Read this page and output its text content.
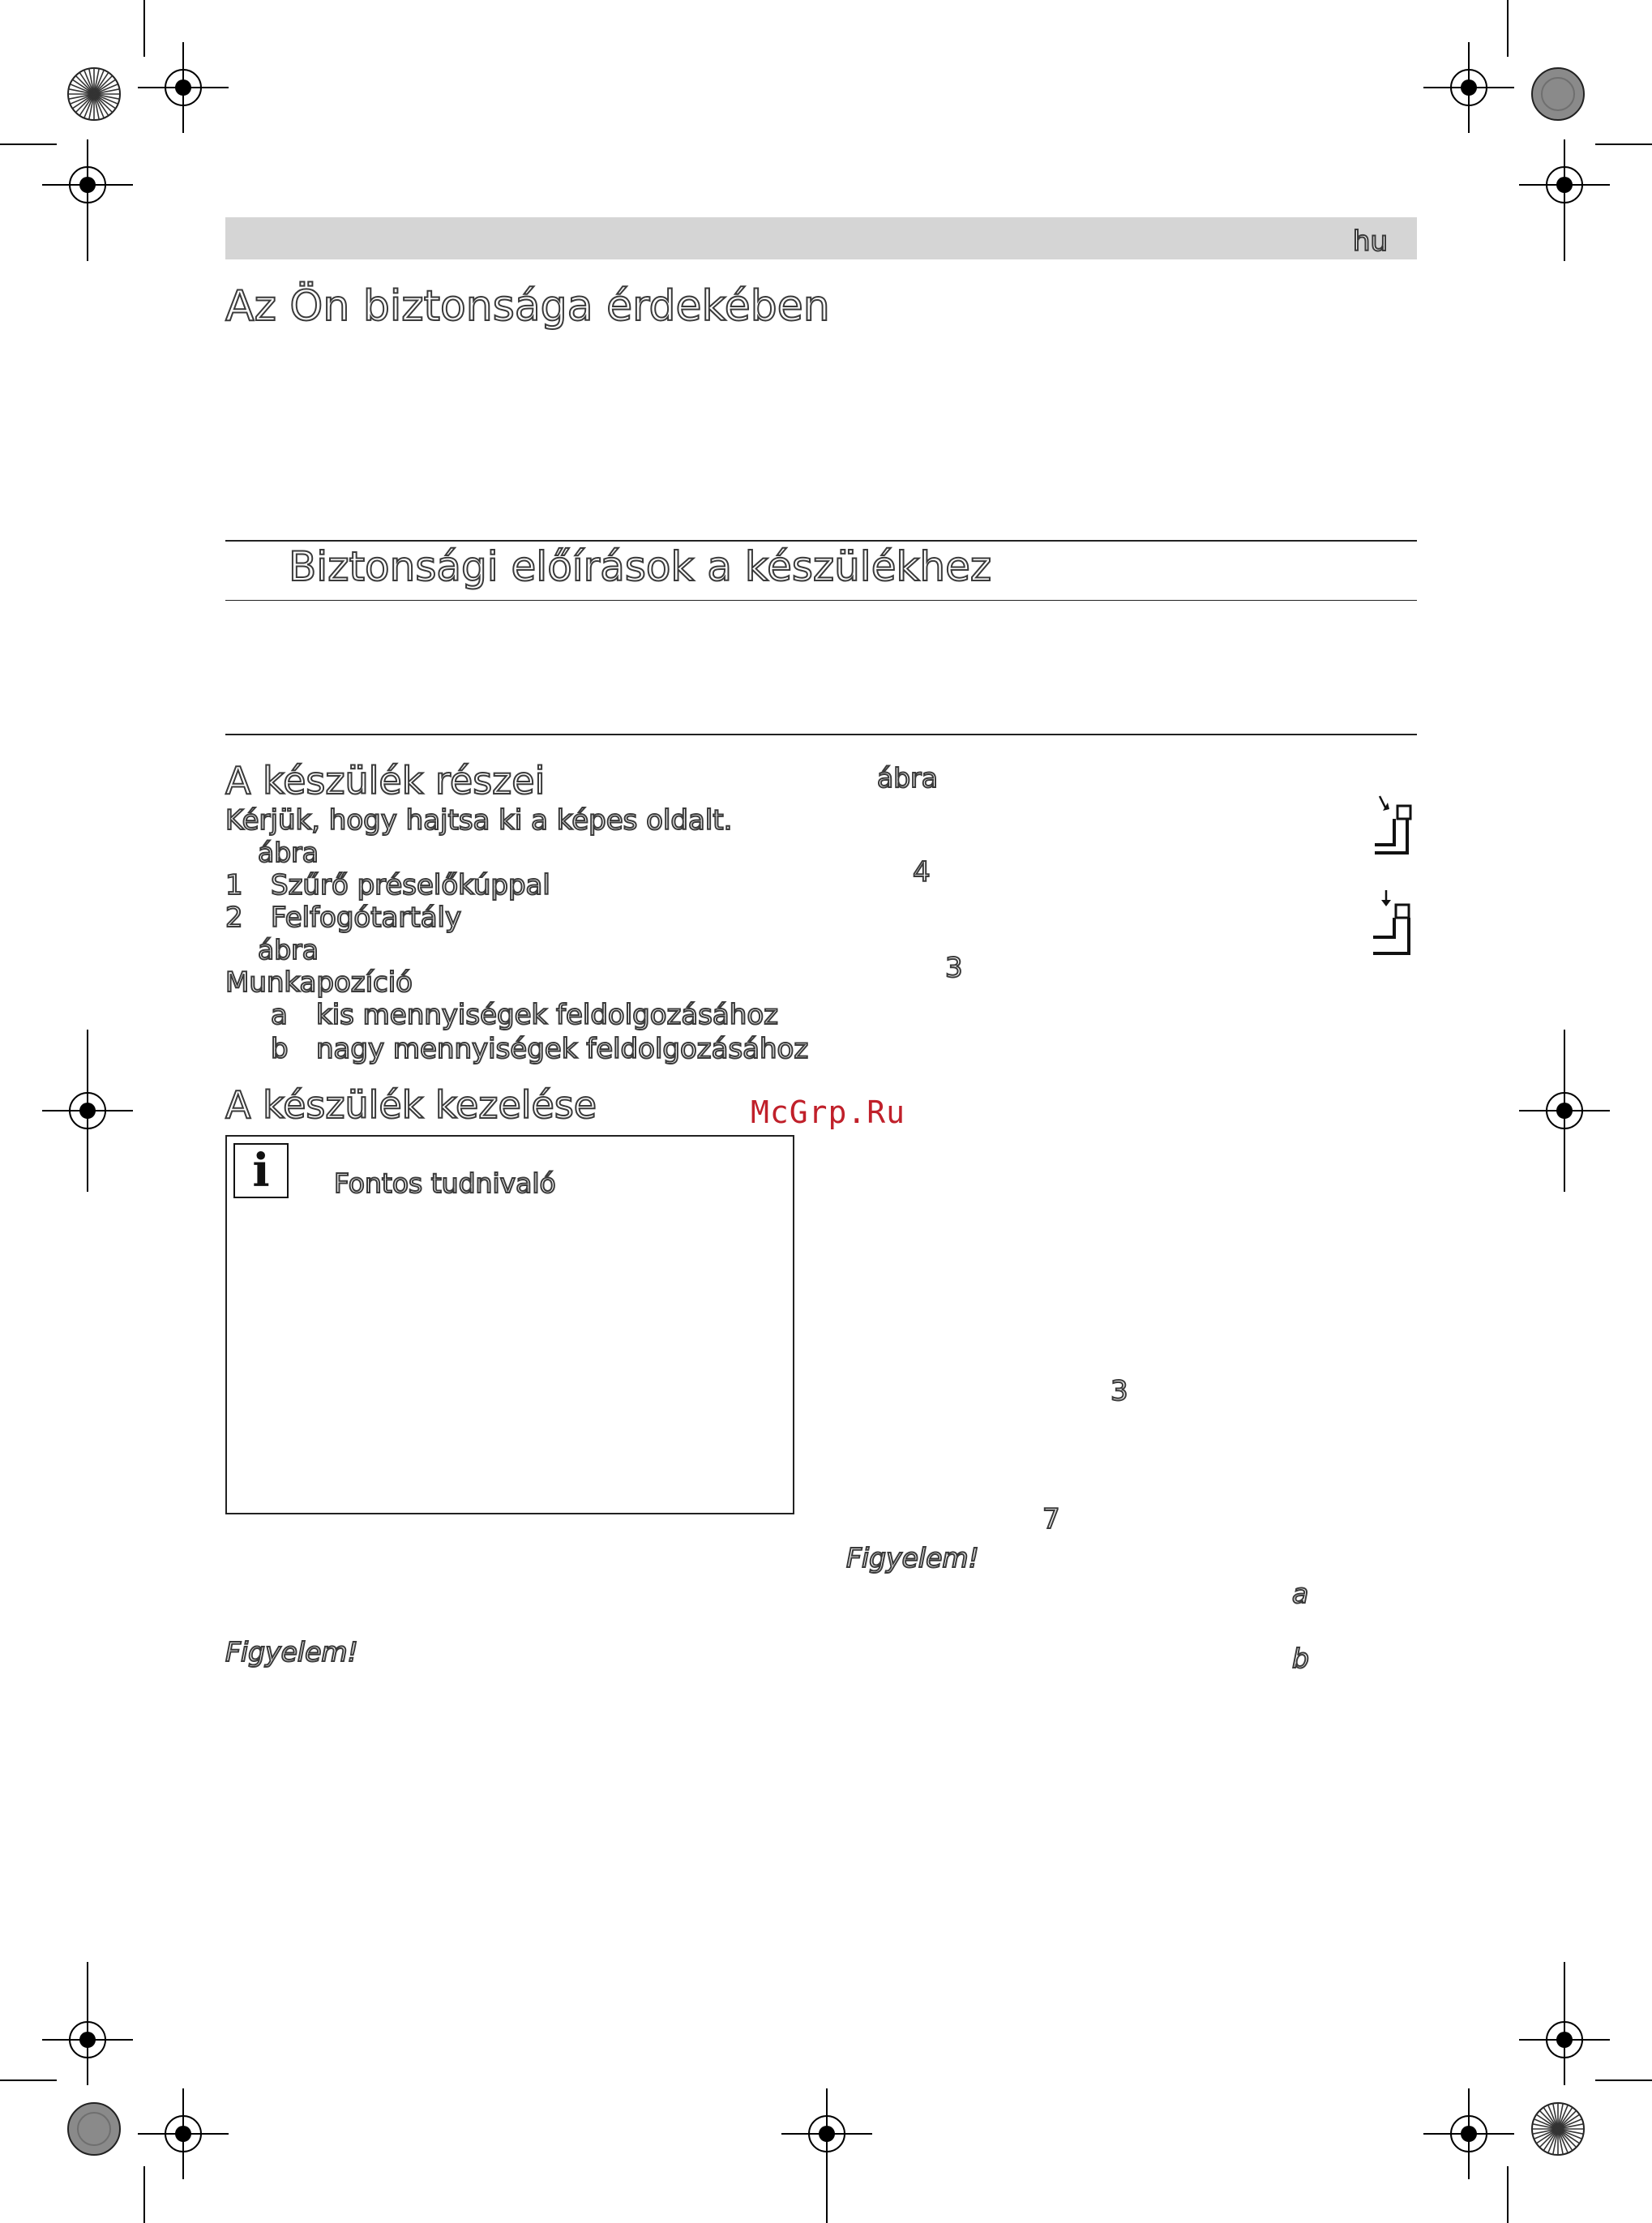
hu
Az Ön biztonsága érdekében
Biztonsági előírások a készülékhez
A készülék részei
Kérjük, hogy hajtsa ki a képes oldalt.
ábra
1 Szűrő préselőkúppal
2 Felfogótartály
ábra
Munkapozíció
a kis mennyiségek feldolgozásához
b nagy mennyiségek feldolgozásához
A készülék kezelése	McGrp.Ru
i	Fontos tudnivaló
Figyelem!
ábra
4
3
3
7
Figyelem!
a
b
